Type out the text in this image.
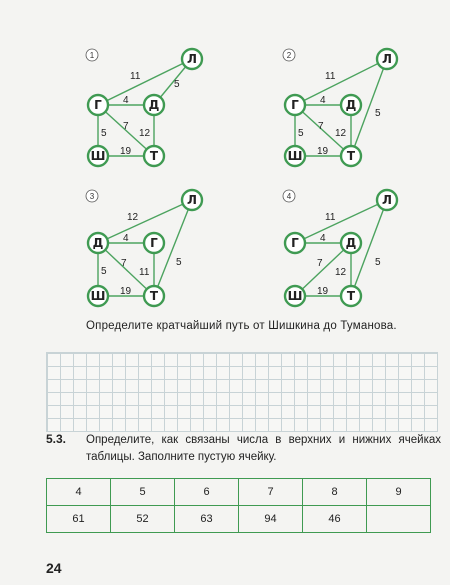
1
11
5
4
7
12
5
19
Л
Г	Д
Ш	Т
2
11
5
4
7
12
5
19
Л
Г	Д
Ш	Т
3
12
4
7
11
5
5
19
Л
Д	Г
Ш	Т
4
11
5
4
7
12
19
Л
Г	Д
Ш	Т
Определите кратчайший путь от Шишкина до Туманова.
5.3. Определите, как связаны числа в верхних и нижних ячейках таблицы. Заполните пустую ячейку.
4	5	6	7	8	9
61	52	63	94	46	
24
